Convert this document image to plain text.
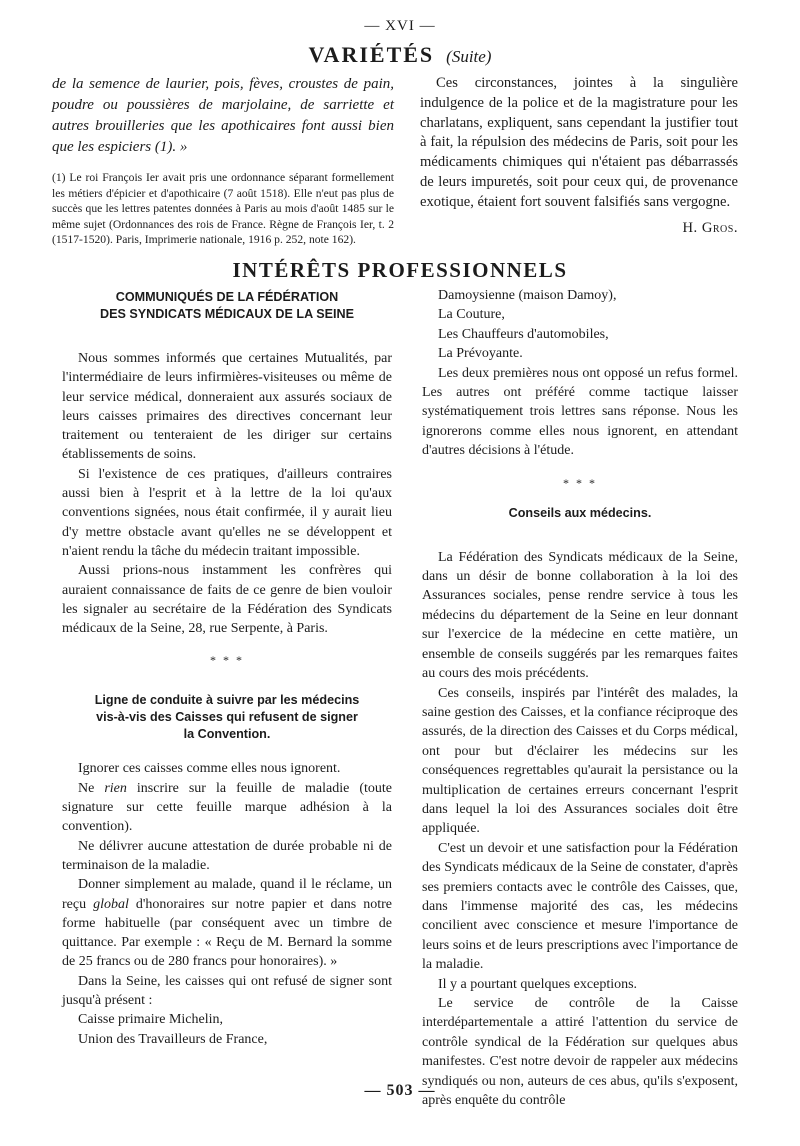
— XVI —
VARIÉTÉS (Suite)

de la semence de laurier, pois, fèves, croustes de pain, poudre ou poussières de marjolaine, de sarriette et autres brouilleries que les apothicaires font aussi bien que les espiciers (1). »

(1) Le roi François Ier avait pris une ordonnance séparant formellement les métiers d'épicier et d'apothicaire (7 août 1518). Elle n'eut pas plus de succès que les lettres patentes données à Paris au mois d'août 1485 sur le même sujet (Ordonnances des rois de France. Règne de François Ier, t. 2 (1517-1520). Paris, Imprimerie nationale, 1916 p. 252, note 162).

Ces circonstances, jointes à la singulière indulgence de la police et de la magistrature pour les charlatans, expliquent, sans cependant la justifier tout à fait, la répulsion des médecins de Paris, soit pour les médicaments chimiques qui n'étaient pas débarrassés de leurs impuretés, soit pour ceux qui, de provenance exotique, étaient fort souvent falsifiés sans vergogne.

H. Gros.

INTÉRÊTS PROFESSIONNELS
COMMUNIQUÉS DE LA FÉDÉRATION
DES SYNDICATS MÉDICAUX DE LA SEINE

Nous sommes informés que certaines Mutualités, par l'intermédiaire de leurs infirmières-visiteuses ou même de leur service médical, donneraient aux assurés sociaux de leurs caisses primaires des directives concernant leur traitement ou tenteraient de les diriger sur certains établissements de soins.

Si l'existence de ces pratiques, d'ailleurs contraires aussi bien à l'esprit et à la lettre de la loi qu'aux conventions signées, nous était confirmée, il y aurait lieu d'y mettre obstacle avant qu'elles ne se développent et n'aient rendu la tâche du médecin traitant impossible.

Aussi prions-nous instamment les confrères qui auraient connaissance de faits de ce genre de bien vouloir les signaler au secrétaire de la Fédération des Syndicats médicaux de la Seine, 28, rue Serpente, à Paris.

* * *
Ligne de conduite à suivre par les médecins
vis-à-vis des Caisses qui refusent de signer
la Convention.

Ignorer ces caisses comme elles nous ignorent.

Ne rien inscrire sur la feuille de maladie (toute signature sur cette feuille marque adhésion à la convention).

Ne délivrer aucune attestation de durée probable ni de terminaison de la maladie.

Donner simplement au malade, quand il le réclame, un reçu global d'honoraires sur notre papier et dans notre forme habituelle (par conséquent avec un timbre de quittance. Par exemple : « Reçu de M. Bernard la somme de 25 francs ou de 280 francs pour honoraires). »

Dans la Seine, les caisses qui ont refusé de signer sont jusqu'à présent :

Caisse primaire Michelin,

Union des Travailleurs de France,

Damoysienne (maison Damoy),

La Couture,

Les Chauffeurs d'automobiles,

La Prévoyante.

Les deux premières nous ont opposé un refus formel. Les autres ont préféré comme tactique laisser systématiquement trois lettres sans réponse. Nous les ignorerons comme elles nous ignorent, en attendant d'autres décisions à l'étude.

* * *
Conseils aux médecins.

La Fédération des Syndicats médicaux de la Seine, dans un désir de bonne collaboration à la loi des Assurances sociales, pense rendre service à tous les médecins du département de la Seine en leur donnant sur l'exercice de la médecine en cette matière, un ensemble de conseils suggérés par les remarques faites au cours des mois précédents.

Ces conseils, inspirés par l'intérêt des malades, la saine gestion des Caisses, et la confiance réciproque des assurés, de la direction des Caisses et du Corps médical, ont pour but d'éclairer les médecins sur les conséquences regrettables qu'aurait la persistance ou la multiplication de certaines erreurs concernant l'esprit dans lequel la loi des Assurances sociales doit être appliquée.

C'est un devoir et une satisfaction pour la Fédération des Syndicats médicaux de la Seine de constater, d'après ses premiers contacts avec le contrôle des Caisses, que, dans l'immense majorité des cas, les médecins concilient avec conscience et mesure l'importance de leurs soins et de leurs prescriptions avec l'importance de la maladie.

Il y a pourtant quelques exceptions.

Le service de contrôle de la Caisse interdépartementale a attiré l'attention du service de contrôle syndical de la Fédération sur quelques abus manifestes. C'est notre devoir de rappeler aux médecins syndiqués ou non, auteurs de ces abus, qu'ils s'exposent, après enquête du contrôle

— 503 —
